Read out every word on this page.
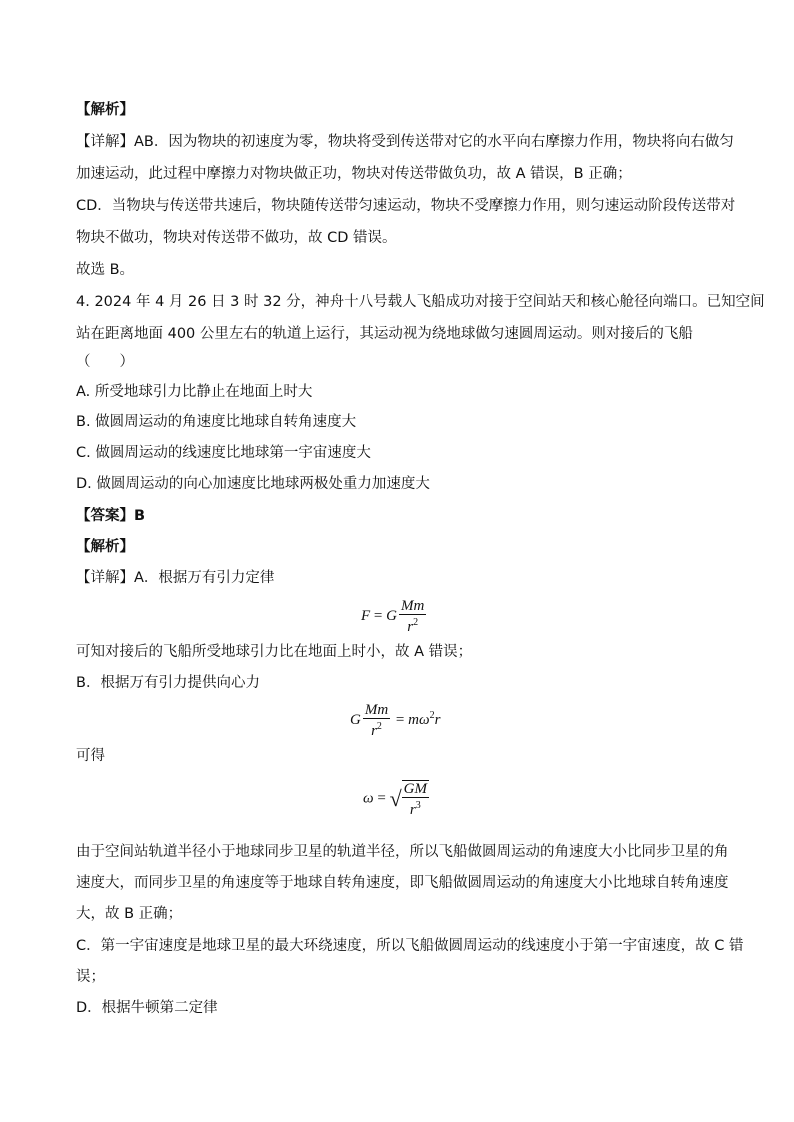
【解析】
【详解】AB．因为物块的初速度为零，物块将受到传送带对它的水平向右摩擦力作用，物块将向右做匀
加速运动，此过程中摩擦力对物块做正功，物块对传送带做负功，故 A 错误，B 正确；
CD．当物块与传送带共速后，物块随传送带匀速运动，物块不受摩擦力作用，则匀速运动阶段传送带对
物块不做功，物块对传送带不做功，故 CD 错误。
故选 B。
4. 2024 年 4 月 26 日 3 时 32 分，神舟十八号载人飞船成功对接于空间站天和核心舱径向端口。已知空间
站在距离地面 400 公里左右的轨道上运行，其运动视为绕地球做匀速圆周运动。则对接后的飞船
（　　）
A. 所受地球引力比静止在地面上时大
B. 做圆周运动的角速度比地球自转角速度大
C. 做圆周运动的线速度比地球第一宇宙速度大
D. 做圆周运动的向心加速度比地球两极处重力加速度大
【答案】B
【解析】
【详解】A．根据万有引力定律
F = G $\frac{Mm}{r^2}$
可知对接后的飞船所受地球引力比在地面上时小，故 A 错误；
B．根据万有引力提供向心力
G $\frac{Mm}{r^2} = m\omega^2r$
可得
ω = √ $\frac{GM}{r^3}$
由于空间站轨道半径小于地球同步卫星的轨道半径，所以飞船做圆周运动的角速度大小比同步卫星的角
速度大，而同步卫星的角速度等于地球自转角速度，即飞船做圆周运动的角速度大小比地球自转角速度
大，故 B 正确；
C．第一宇宙速度是地球卫星的最大环绕速度，所以飞船做圆周运动的线速度小于第一宇宙速度，故 C 错
误；
D．根据牛顿第二定律
